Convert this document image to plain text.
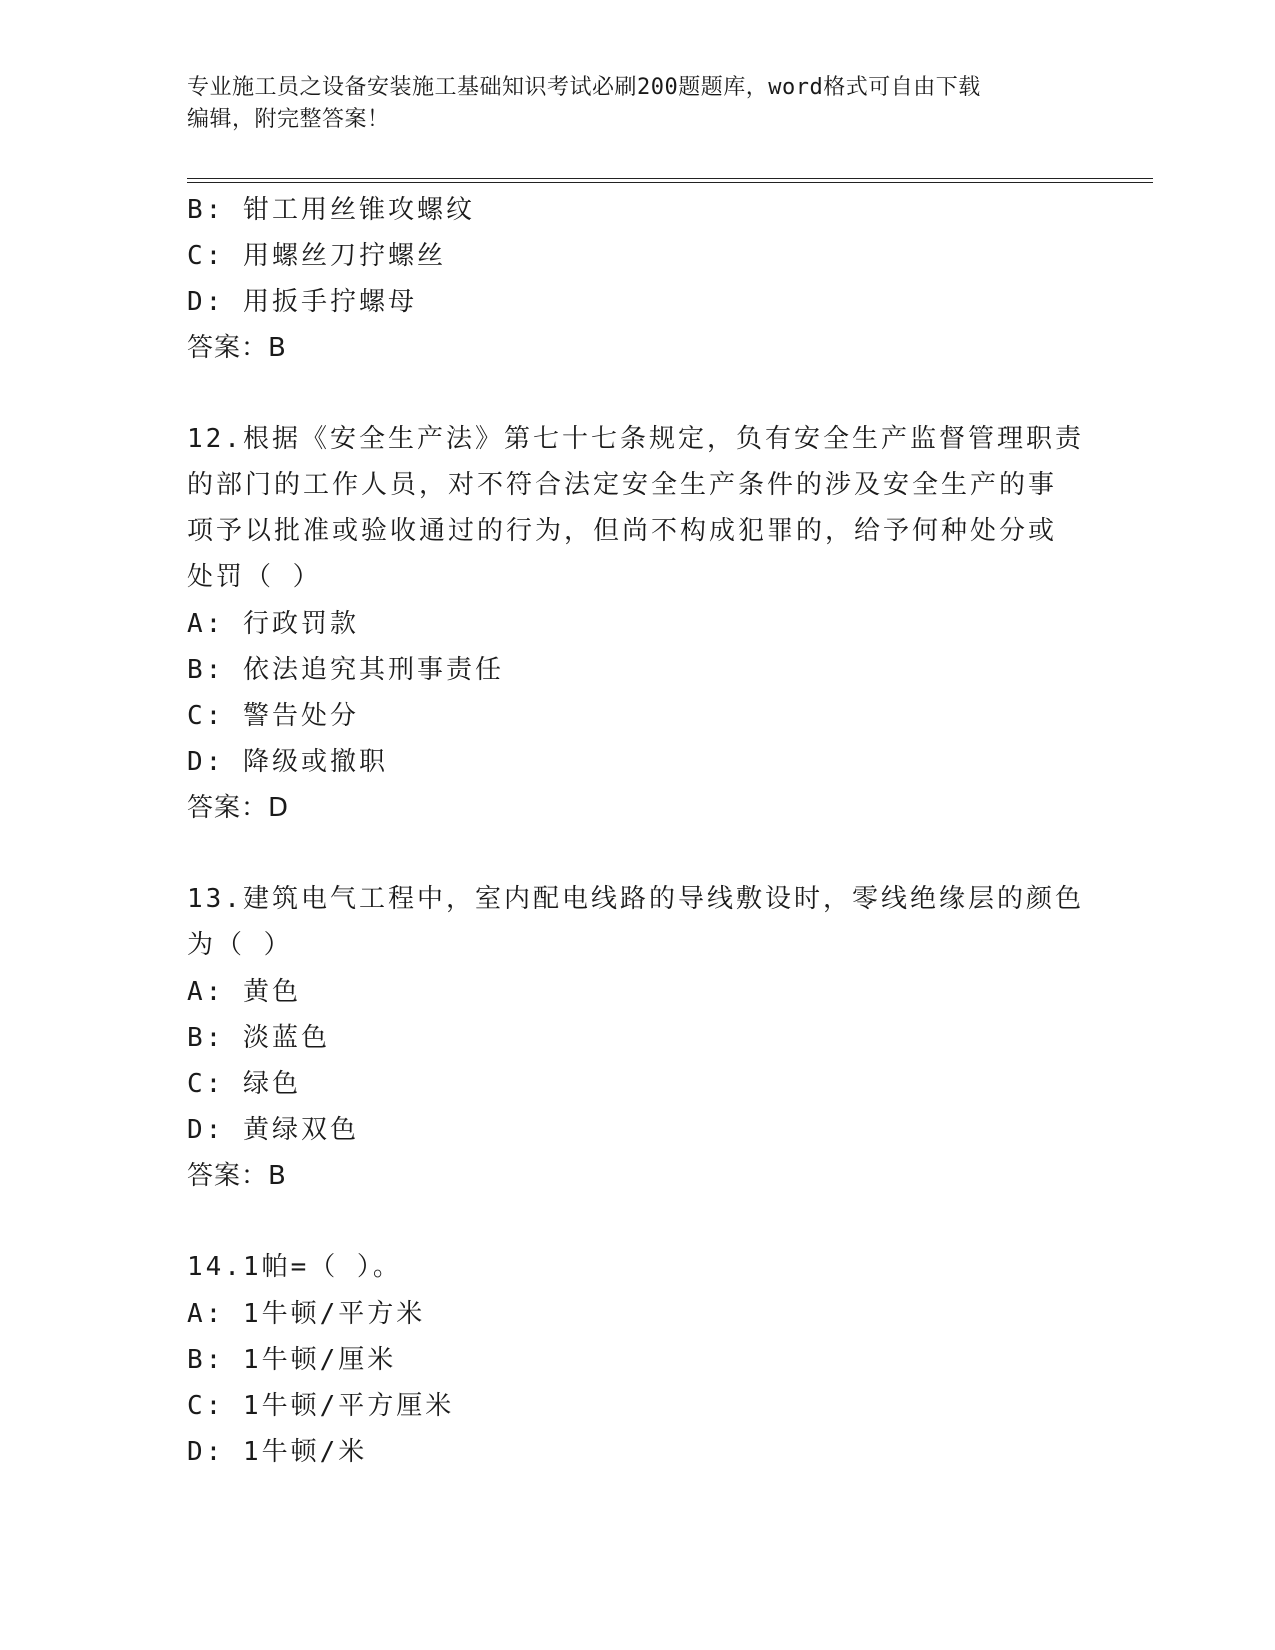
专业施工员之设备安装施工基础知识考试必刷200题题库，word格式可自由下载
编辑，附完整答案！
B: 钳工用丝锥攻螺纹
C: 用螺丝刀拧螺丝
D: 用扳手拧螺母
答案：B
12.根据《安全生产法》第七十七条规定，负有安全生产监督管理职责
的部门的工作人员，对不符合法定安全生产条件的涉及安全生产的事
项予以批准或验收通过的行为，但尚不构成犯罪的，给予何种处分或
处罚（ ）
A: 行政罚款
B: 依法追究其刑事责任
C: 警告处分
D: 降级或撤职
答案：D
13.建筑电气工程中，室内配电线路的导线敷设时，零线绝缘层的颜色
为（ ）
A: 黄色
B: 淡蓝色
C: 绿色
D: 黄绿双色
答案：B
14.1帕=（ ）。
A: 1牛顿/平方米
B: 1牛顿/厘米
C: 1牛顿/平方厘米
D: 1牛顿/米
